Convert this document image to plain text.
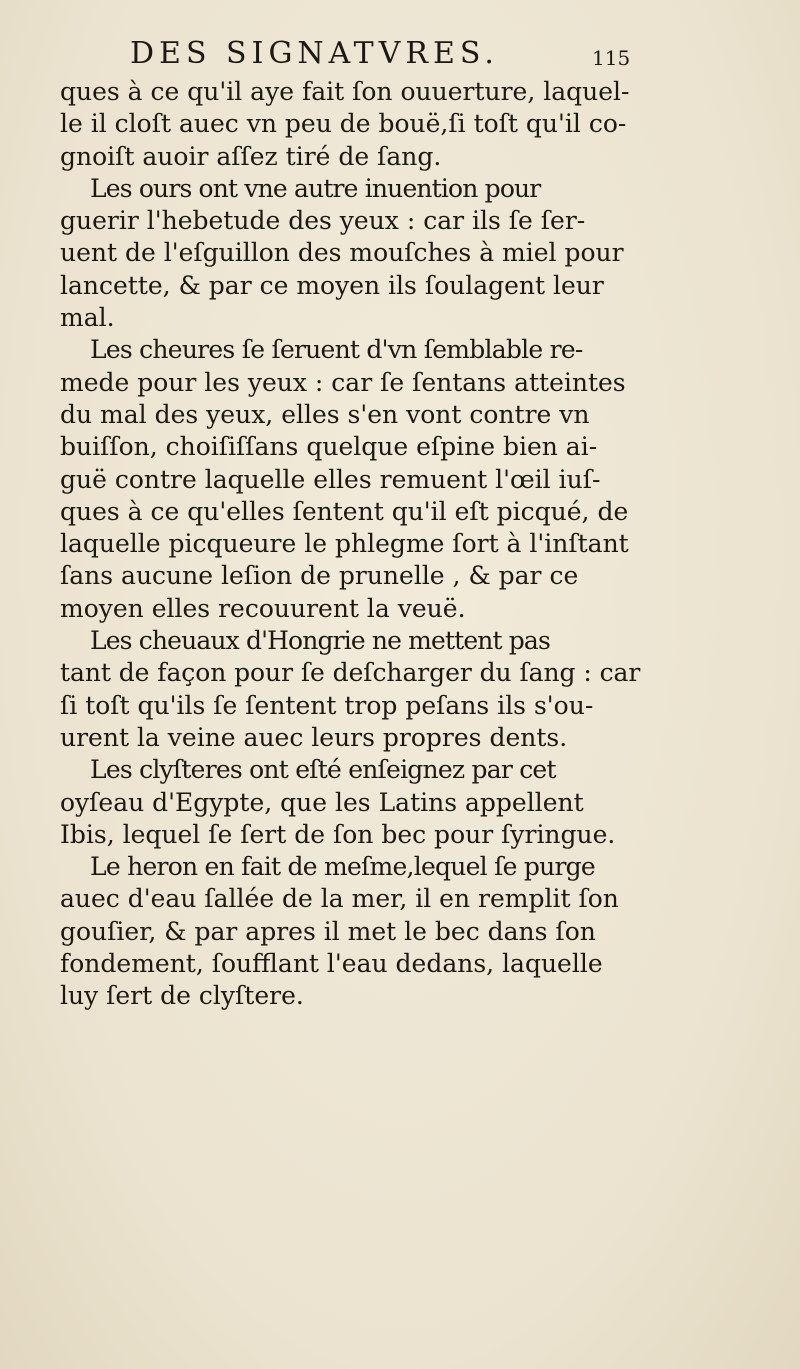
DES SIGNATVRES.	115

ques à ce qu'il aye fait ſon ouuerture, laquel-
le il cloſt auec vn peu de bouë,ſi toſt qu'il co-
gnoiſt auoir aſſez tiré de ſang.

Les ours ont vne autre inuention pour
guerir l'hebetude des yeux : car ils ſe ſer-
uent de l'eſguillon des mouſches à miel pour
lancette, & par ce moyen ils ſoulagent leur
mal.

Les cheures ſe ſeruent d'vn ſemblable re-
mede pour les yeux : car ſe ſentans atteintes
du mal des yeux, elles s'en vont contre vn
buiſſon, choiſiſſans quelque eſpine bien ai-
guë contre laquelle elles remuent l'œil iuſ-
ques à ce qu'elles ſentent qu'il eſt picqué, de
laquelle picqueure le phlegme ſort à l'inſtant
ſans aucune leſion de prunelle , & par ce
moyen elles recouurent la veuë.

Les cheuaux d'Hongrie ne mettent pas
tant de façon pour ſe deſcharger du ſang : car
ſi toſt qu'ils ſe ſentent trop peſans ils s'ou-
urent la veine auec leurs propres dents.

Les clyſteres ont eſté enſeignez par cet
oyſeau d'Egypte, que les Latins appellent
Ibis, lequel ſe ſert de ſon bec pour ſyringue.

Le heron en fait de meſme,lequel ſe purge
auec d'eau ſallée de la mer, il en remplit ſon
gouſier, & par apres il met le bec dans ſon
fondement, ſoufflant l'eau dedans, laquelle
luy ſert de clyſtere.
